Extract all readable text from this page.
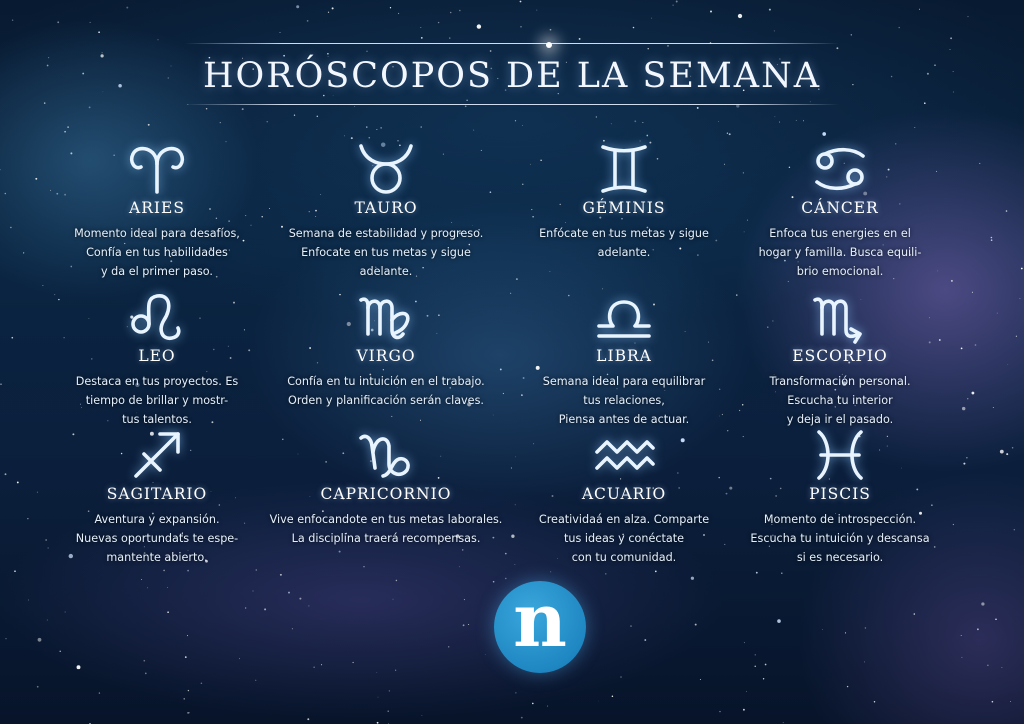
HORÓSCOPOS DE LA SEMANA
ARIES
Momento ideal para desafíos,
Confía en tus habilidades
y da el primer paso.
TAURO
Semana de estabilidad y progreso.
Enfocate en tus metas y sigue
adelante.
GÉMINIS
Enfócate en tus metas y sigue
adelante.
CÁNCER
Enfoca tus energies en el
hogar y familla. Busca equili-
brio emocional.
LEO
Destaca en tus proyectos. Es
tiempo de brillar y mostr-
tus talentos.
VIRGO
Confía en tu intuición en el trabajo.
Orden y planificación serán claves.
LIBRA
Semana ideal para equilibrar
tus relaciones,
Piensa antes de actuar.
ESCORPIO
Transformación personal.
Escucha tu interior
y deja ir el pasado.
SAGITARIO
Aventura y expansión.
Nuevas oportundaťs te espe-
mantente abierto.
CAPRICORNIO
Vive enfocandote en tus metas laborales.
La disciplina traerá recompensas.
ACUARIO
Creatividaá en alza. Comparte
tus ideas y conéctate
con tu comunidad.
PISCIS
Momento de introspección.
Escucha tu intuición y descansa
si es necesario.
n
